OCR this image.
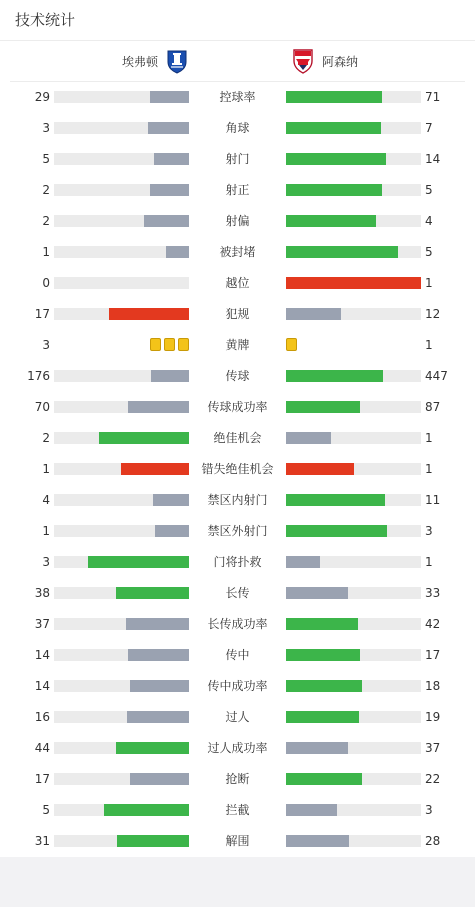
技术统计
埃弗顿	阿森纳
29	控球率	71
3	角球	7
5	射门	14
2	射正	5
2	射偏	4
1	被封堵	5
0	越位	1
17	犯规	12
3	黄牌	1
176	传球	447
70	传球成功率	87
2	绝佳机会	1
1	错失绝佳机会	1
4	禁区内射门	11
1	禁区外射门	3
3	门将扑救	1
38	长传	33
37	长传成功率	42
14	传中	17
14	传中成功率	18
16	过人	19
44	过人成功率	37
17	抢断	22
5	拦截	3
31	解围	28
